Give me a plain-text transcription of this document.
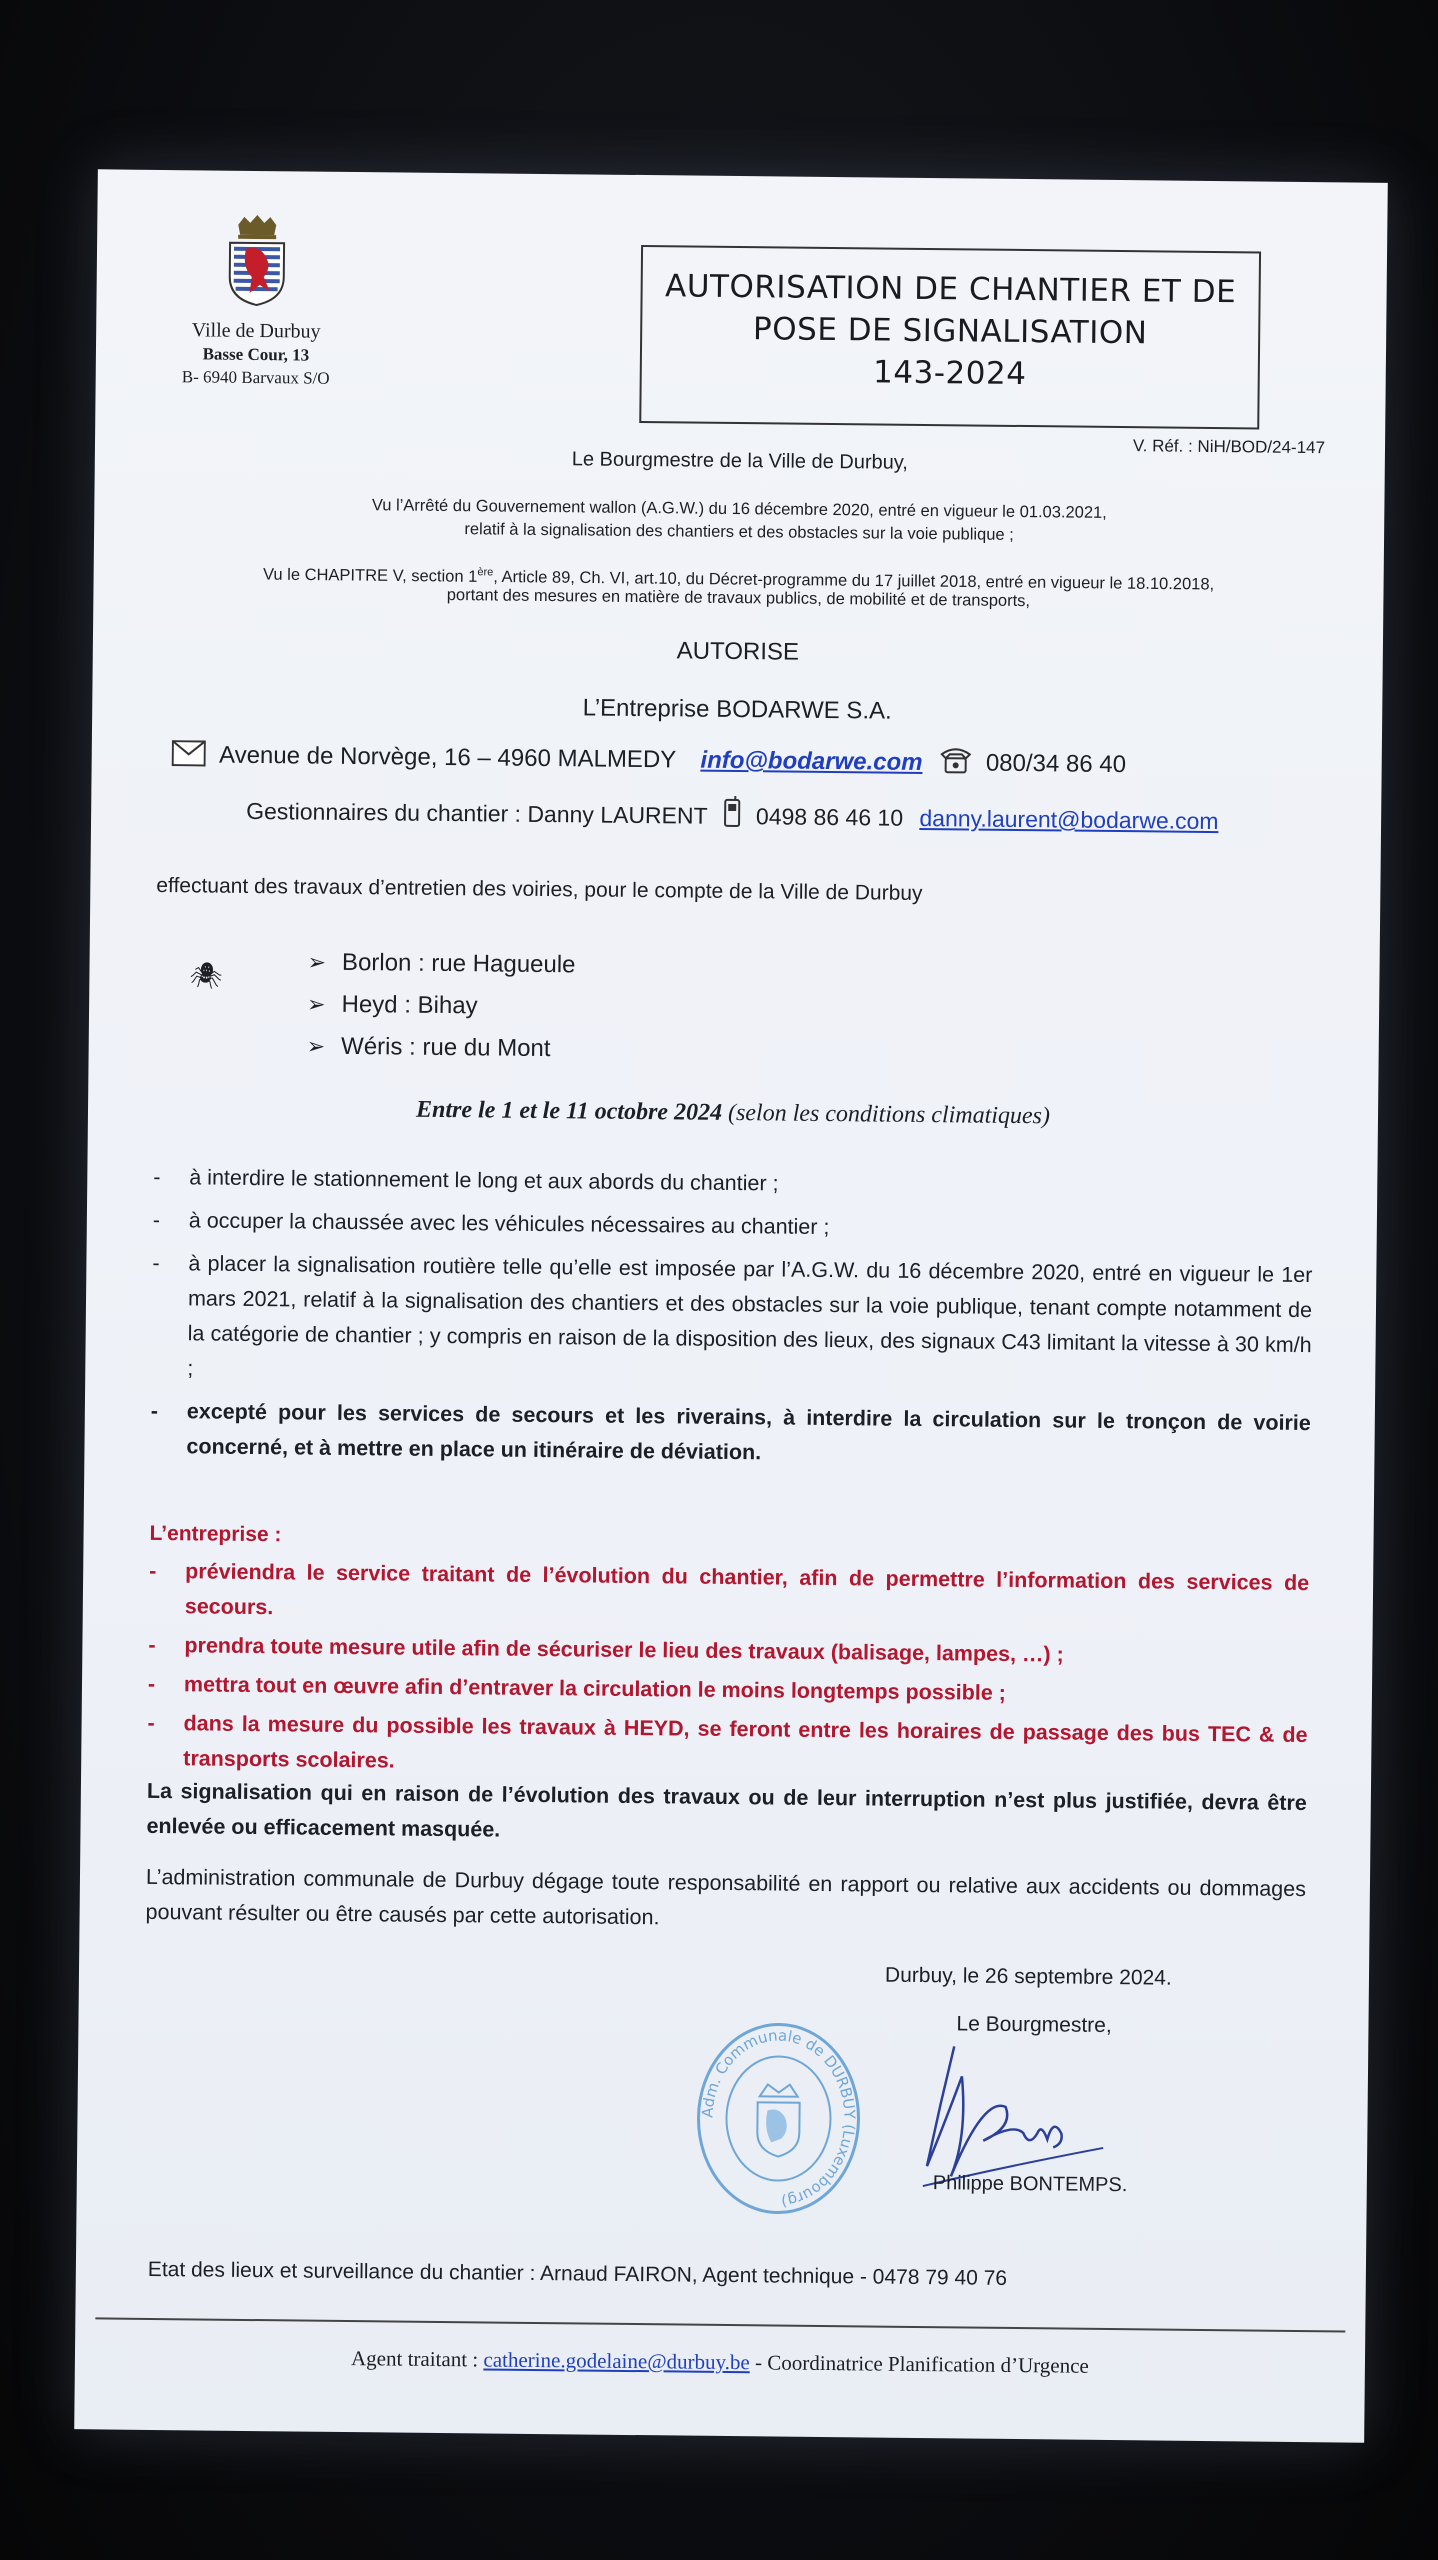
Ville de Durbuy
Basse Cour, 13
B- 6940 Barvaux S/O
AUTORISATION DE CHANTIER ET DE
POSE DE SIGNALISATION
143-2024
V. Réf. : NiH/BOD/24-147
Le Bourgmestre de la Ville de Durbuy,
Vu l’Arrêté du Gouvernement wallon (A.G.W.) du 16 décembre 2020, entré en vigueur le 01.03.2021,
relatif à la signalisation des chantiers et des obstacles sur la voie publique ;
Vu le CHAPITRE V, section 1ère, Article 89, Ch. VI, art.10, du Décret-programme du 17 juillet 2018, entré en vigueur le 18.10.2018,
portant des mesures en matière de travaux publics, de mobilité et de transports,
AUTORISE
L’Entreprise BODARWE S.A.
Avenue de Norvège, 16 – 4960 MALMEDY info@bodarwe.com	080/34 86 40
Gestionnaires du chantier : Danny LAURENT 0498 86 46 10 danny.laurent@bodarwe.com
effectuant des travaux d’entretien des voiries, pour le compte de la Ville de Durbuy
🕷
➢	Borlon : rue Hagueule
➢ Heyd : Bihay
➢ Wéris : rue du Mont
Entre le 1 et le 11 octobre 2024 (selon les conditions climatiques)
- à interdire le stationnement le long et aux abords du chantier ;
- à occuper la chaussée avec les véhicules nécessaires au chantier ;
- à placer la signalisation routière telle qu’elle est imposée par l’A.G.W. du 16 décembre 2020, entré en vigueur le 1er mars 2021, relatif à la signalisation des chantiers et des obstacles sur la voie publique, tenant compte notamment de la catégorie de chantier ; y compris en raison de la disposition des lieux, des signaux C43 limitant la vitesse à 30 km/h ;
- excepté pour les services de secours et les riverains, à interdire la circulation sur le tronçon de voirie concerné, et à mettre en place un itinéraire de déviation.
L’entreprise :
- préviendra le service traitant de l’évolution du chantier, afin de permettre l’information des services de secours.
- prendra toute mesure utile afin de sécuriser le lieu des travaux (balisage, lampes, …) ;
- mettra tout en œuvre afin d’entraver la circulation le moins longtemps possible ;
- dans la mesure du possible les travaux à HEYD, se feront entre les horaires de passage des bus TEC & de transports scolaires.
La signalisation qui en raison de l’évolution des travaux ou de leur interruption n’est plus justifiée, devra être enlevée ou efficacement masquée.
L’administration communale de Durbuy dégage toute responsabilité en rapport ou relative aux accidents ou dommages pouvant résulter ou être causés par cette autorisation.
Durbuy, le 26 septembre 2024.
Le Bourgmestre,
Adm. Communale de DURBUY (Luxembourg)
Philippe BONTEMPS.
Etat des lieux et surveillance du chantier : Arnaud FAIRON, Agent technique - 0478 79 40 76
Agent traitant : catherine.godelaine@durbuy.be - Coordinatrice Planification d’Urgence
